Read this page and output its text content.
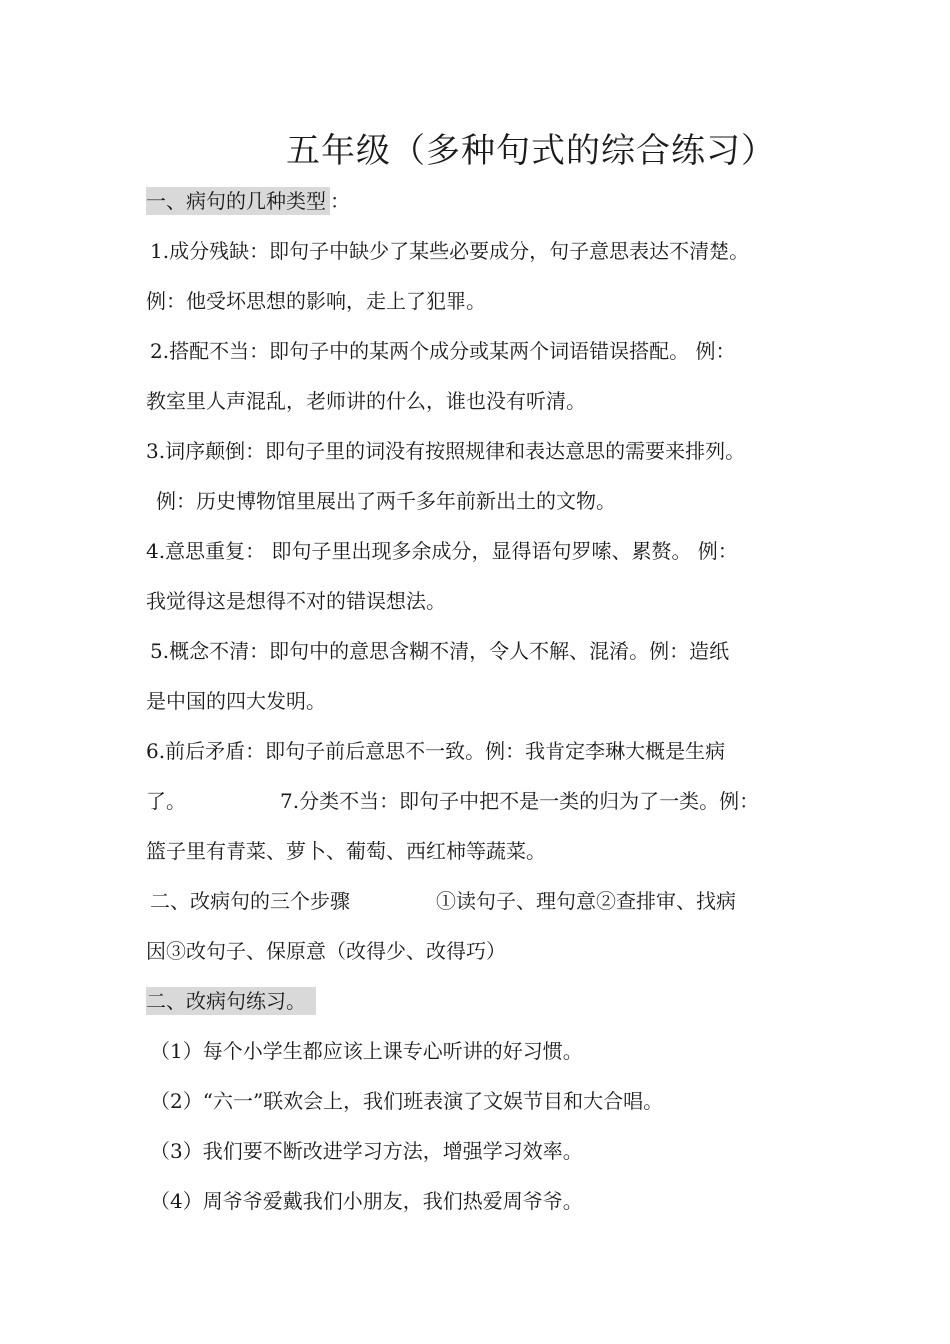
五年级（多种句式的综合练习）
一、病句的几种类型 ：
1.成分残缺：即句子中缺少了某些必要成分，句子意思表达不清楚。
例：他受坏思想的影响，走上了犯罪。
2.搭配不当：即句子中的某两个成分或某两个词语错误搭配。 例：
教室里人声混乱，老师讲的什么，谁也没有听清。
3.词序颠倒：即句子里的词没有按照规律和表达意思的需要来排列。
例：历史博物馆里展出了两千多年前新出土的文物。
4.意思重复： 即句子里出现多余成分，显得语句罗嗦、累赘。 例：
我觉得这是想得不对的错误想法。
5.概念不清：即句中的意思含糊不清，令人不解、混淆。例：造纸
是中国的四大发明。
6.前后矛盾：即句子前后意思不一致。例：我肯定李琳大概是生病
了。	7.分类不当：即句子中把不是一类的归为了一类。例：
篮子里有青菜、萝卜、葡萄、西红柿等蔬菜。
二、改病句的三个步骤	①读句子、理句意②查排审、找病
因③改句子、保原意（改得少、改得巧）
二、改病句练习。
（1）每个小学生都应该上课专心听讲的好习惯。
（2）“六一”联欢会上，我们班表演了文娱节目和大合唱。
（3）我们要不断改进学习方法，增强学习效率。
（4）周爷爷爱戴我们小朋友，我们热爱周爷爷。
